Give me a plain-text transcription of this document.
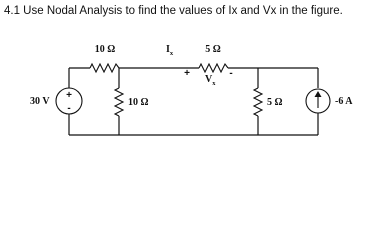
4.1 Use Nodal Analysis to find the values of Ix and Vx in the figure.
+
-
30 V
10 Ω	$I_x$	5 Ω
+
$V_x$
-
10 Ω	5 Ω	-6 A
